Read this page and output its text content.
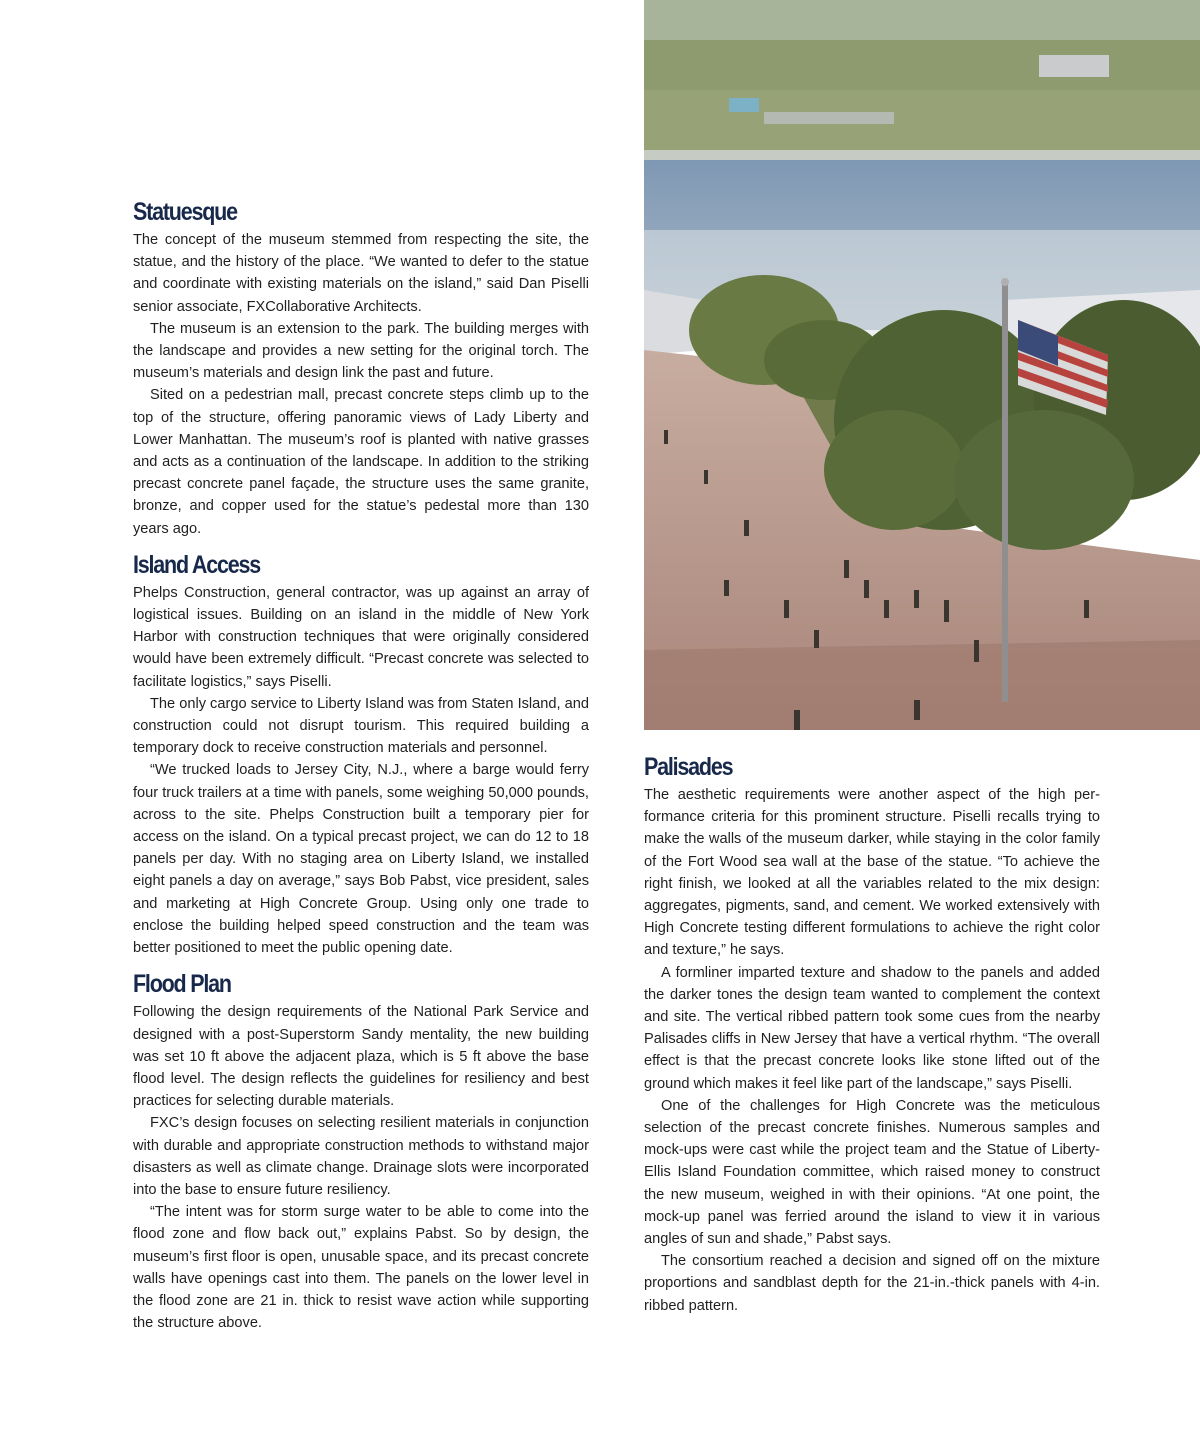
Statuesque

The concept of the museum stemmed from respecting the site, the statue, and the history of the place. “We wanted to defer to the statue and coordinate with existing materials on the island,” said Dan Piselli senior associate, FXCollaborative Architects.

The museum is an extension to the park. The building merges with the landscape and provides a new setting for the original torch. The museum’s materials and design link the past and future.

Sited on a pedestrian mall, precast concrete steps climb up to the top of the structure, offering panoramic views of Lady Liberty and Lower Manhattan. The museum’s roof is planted with native grasses and acts as a continuation of the landscape. In addition to the striking precast concrete panel façade, the structure uses the same granite, bronze, and copper used for the statue’s pedestal more than 130 years ago.

Island Access

Phelps Construction, general contractor, was up against an array of logistical issues. Building on an island in the middle of New York Harbor with construction techniques that were originally considered would have been extremely difficult. “Precast concrete was selected to facilitate logistics,” says Piselli.

The only cargo service to Liberty Island was from Staten Island, and construction could not disrupt tourism. This required building a temporary dock to receive construction materials and personnel.

“We trucked loads to Jersey City, N.J., where a barge would ferry four truck trailers at a time with panels, some weighing 50,000 pounds, across to the site. Phelps Construction built a temporary pier for access on the island. On a typical precast project, we can do 12 to 18 panels per day. With no staging area on Liberty Island, we installed eight panels a day on average,” says Bob Pabst, vice president, sales and marketing at High Concrete Group. Using only one trade to enclose the building helped speed construction and the team was better positioned to meet the public opening date.

Flood Plan

Following the design requirements of the National Park Service and designed with a post-Superstorm Sandy mentality, the new building was set 10 ft above the adjacent plaza, which is 5 ft above the base flood level. The design reflects the guidelines for resiliency and best practices for selecting durable materials.

FXC’s design focuses on selecting resilient materials in conjunction with durable and appropriate construction methods to withstand major disasters as well as climate change. Drainage slots were incorporated into the base to ensure future resiliency.

“The intent was for storm surge water to be able to come into the flood zone and flow back out,” explains Pabst. So by design, the museum’s first floor is open, unusable space, and its precast concrete walls have openings cast into them. The panels on the lower level in the flood zone are 21 in. thick to resist wave action while supporting the structure above.

Palisades

The aesthetic requirements were another aspect of the high performance criteria for this prominent structure. Piselli recalls trying to make the walls of the museum darker, while staying in the color family of the Fort Wood sea wall at the base of the statue. “To achieve the right finish, we looked at all the variables related to the mix design: aggregates, pigments, sand, and cement. We worked extensively with High Concrete testing different formulations to achieve the right color and texture,” he says.

A formliner imparted texture and shadow to the panels and added the darker tones the design team wanted to complement the context and site. The vertical ribbed pattern took some cues from the nearby Palisades cliffs in New Jersey that have a vertical rhythm. “The overall effect is that the precast concrete looks like stone lifted out of the ground which makes it feel like part of the landscape,” says Piselli.

One of the challenges for High Concrete was the meticulous selection of the precast concrete finishes. Numerous samples and mock-ups were cast while the project team and the Statue of Liberty-Ellis Island Foundation committee, which raised money to construct the new museum, weighed in with their opinions. “At one point, the mock-up panel was ferried around the island to view it in various angles of sun and shade,” Pabst says.

The consortium reached a decision and signed off on the mixture proportions and sandblast depth for the 21-in.-thick panels with 4-in. ribbed pattern.
